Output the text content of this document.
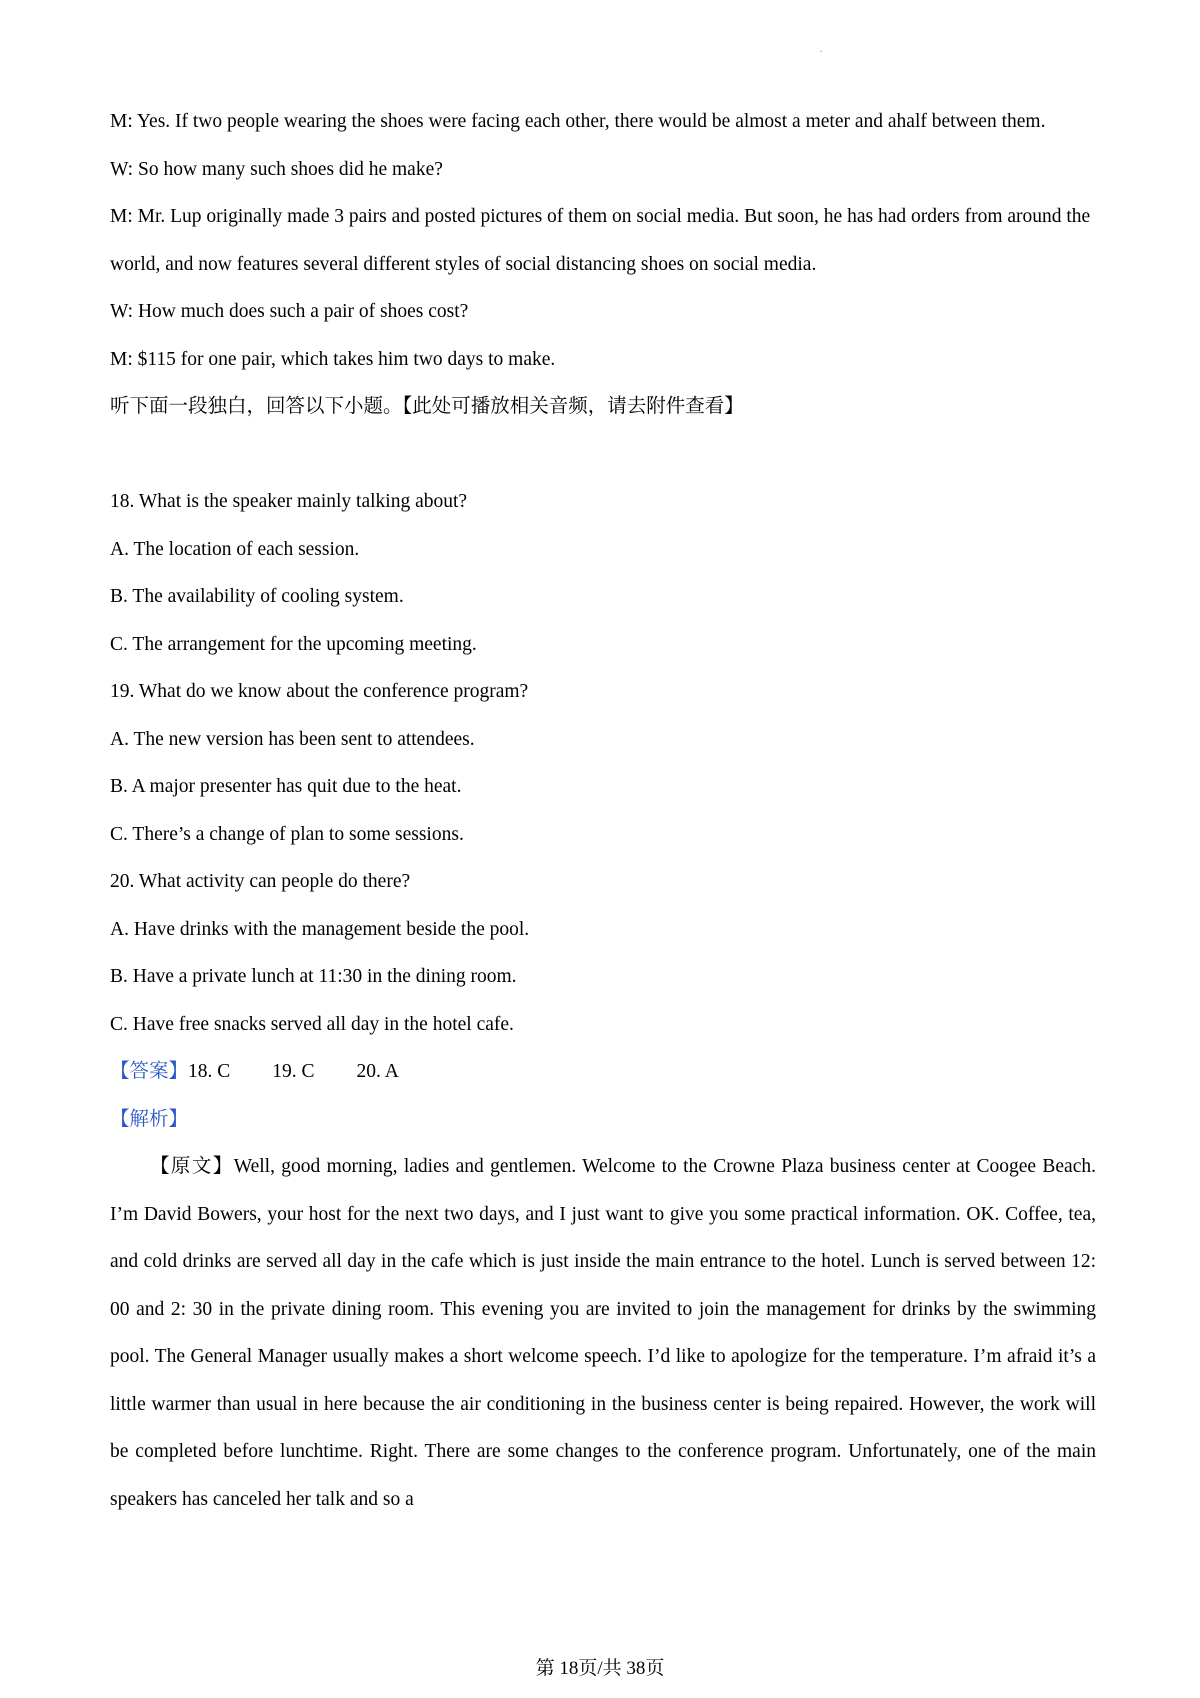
.
M: Yes. If two people wearing the shoes were facing each other, there would be almost a meter and ahalf between them.
W: So how many such shoes did he make?
M: Mr. Lup originally made 3 pairs and posted pictures of them on social media. But soon, he has had orders from around the world, and now features several different styles of social distancing shoes on social media.
W: How much does such a pair of shoes cost?
M: $115 for one pair, which takes him two days to make.
听下面一段独白，回答以下小题。【此处可播放相关音频，请去附件查看】
18. What is the speaker mainly talking about?
A. The location of each session.
B. The availability of cooling system.
C. The arrangement for the upcoming meeting.
19. What do we know about the conference program?
A. The new version has been sent to attendees.
B. A major presenter has quit due to the heat.
C. There’s a change of plan to some sessions.
20. What activity can people do there?
A. Have drinks with the management beside the pool.
B. Have a private lunch at 11:30 in the dining room.
C. Have free snacks served all day in the hotel cafe.
【答案】18. C 19. C 20. A
【解析】

【原文】Well, good morning, ladies and gentlemen. Welcome to the Crowne Plaza business center at Coogee Beach. I’m David Bowers, your host for the next two days, and I just want to give you some practical information. OK. Coffee, tea, and cold drinks are served all day in the cafe which is just inside the main entrance to the hotel. Lunch is served between 12: 00 and 2: 30 in the private dining room. This evening you are invited to join the management for drinks by the swimming pool. The General Manager usually makes a short welcome speech. I’d like to apologize for the temperature. I’m afraid it’s a little warmer than usual in here because the air conditioning in the business center is being repaired. However, the work will be completed before lunchtime. Right. There are some changes to the conference program. Unfortunately, one of the main speakers has canceled her talk and so a

第 18页/共 38页
